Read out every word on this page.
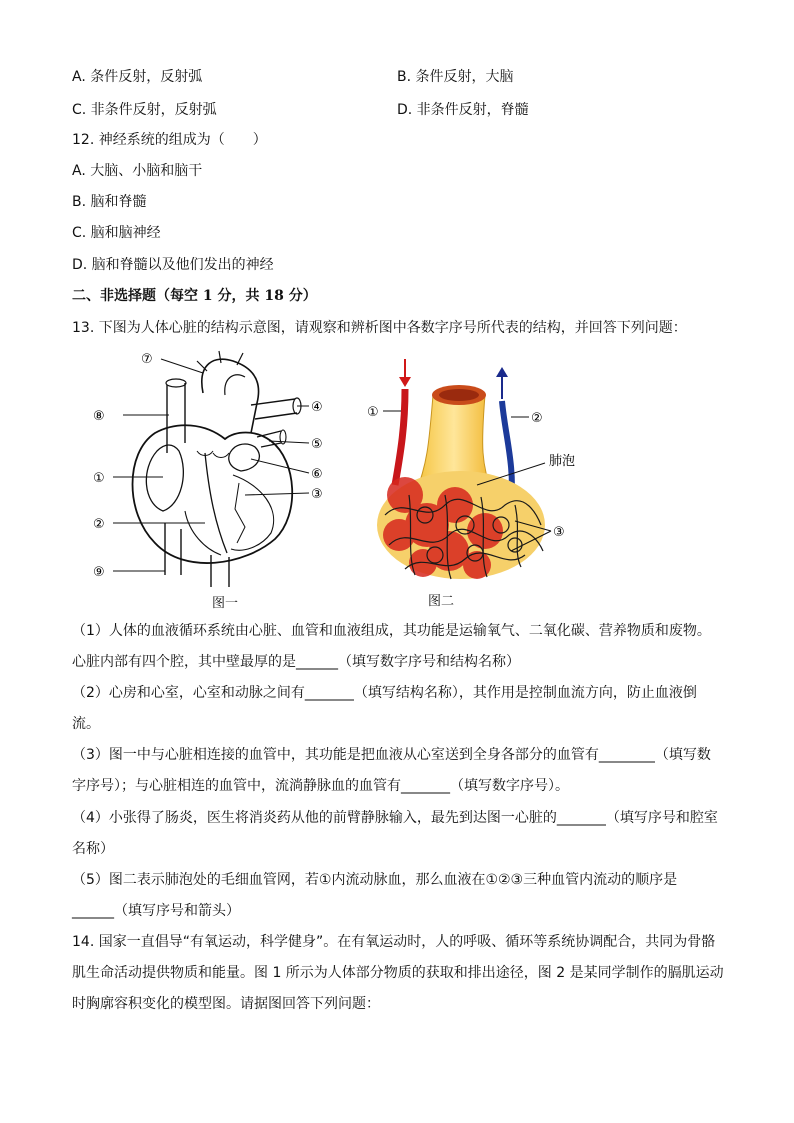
A. 条件反射，反射弧	B. 条件反射，大脑
C. 非条件反射，反射弧	D. 非条件反射，脊髓
12. 神经系统的组成为（　　）
A. 大脑、小脑和脑干
B. 脑和脊髓
C. 脑和脑神经
D. 脑和脊髓以及他们发出的神经
二、非选择题（每空 1 分，共 18 分）
13. 下图为人体心脏的结构示意图，请观察和辨析图中各数字序号所代表的结构，并回答下列问题：
⑦
⑧
①
②
⑨
④
⑤
⑥
③
图一
①	②
肺泡
③
图二
（1）人体的血液循环系统由心脏、血管和血液组成，其功能是运输氧气、二氧化碳、营养物质和废物。
心脏内部有四个腔，其中壁最厚的是______（填写数字序号和结构名称）
（2）心房和心室，心室和动脉之间有_______（填写结构名称），其作用是控制血流方向，防止血液倒
流。
（3）图一中与心脏相连接的血管中，其功能是把血液从心室送到全身各部分的血管有________（填写数
字序号）；与心脏相连的血管中，流淌静脉血的血管有_______（填写数字序号）。
（4）小张得了肠炎，医生将消炎药从他的前臂静脉输入，最先到达图一心脏的_______（填写序号和腔室
名称）
（5）图二表示肺泡处的毛细血管网，若①内流动脉血，那么血液在①②③三种血管内流动的顺序是
______（填写序号和箭头）
14. 国家一直倡导“有氧运动，科学健身”。在有氧运动时，人的呼吸、循环等系统协调配合，共同为骨骼
肌生命活动提供物质和能量。图 1 所示为人体部分物质的获取和排出途径，图 2 是某同学制作的膈肌运动
时胸廓容积变化的模型图。请据图回答下列问题：
